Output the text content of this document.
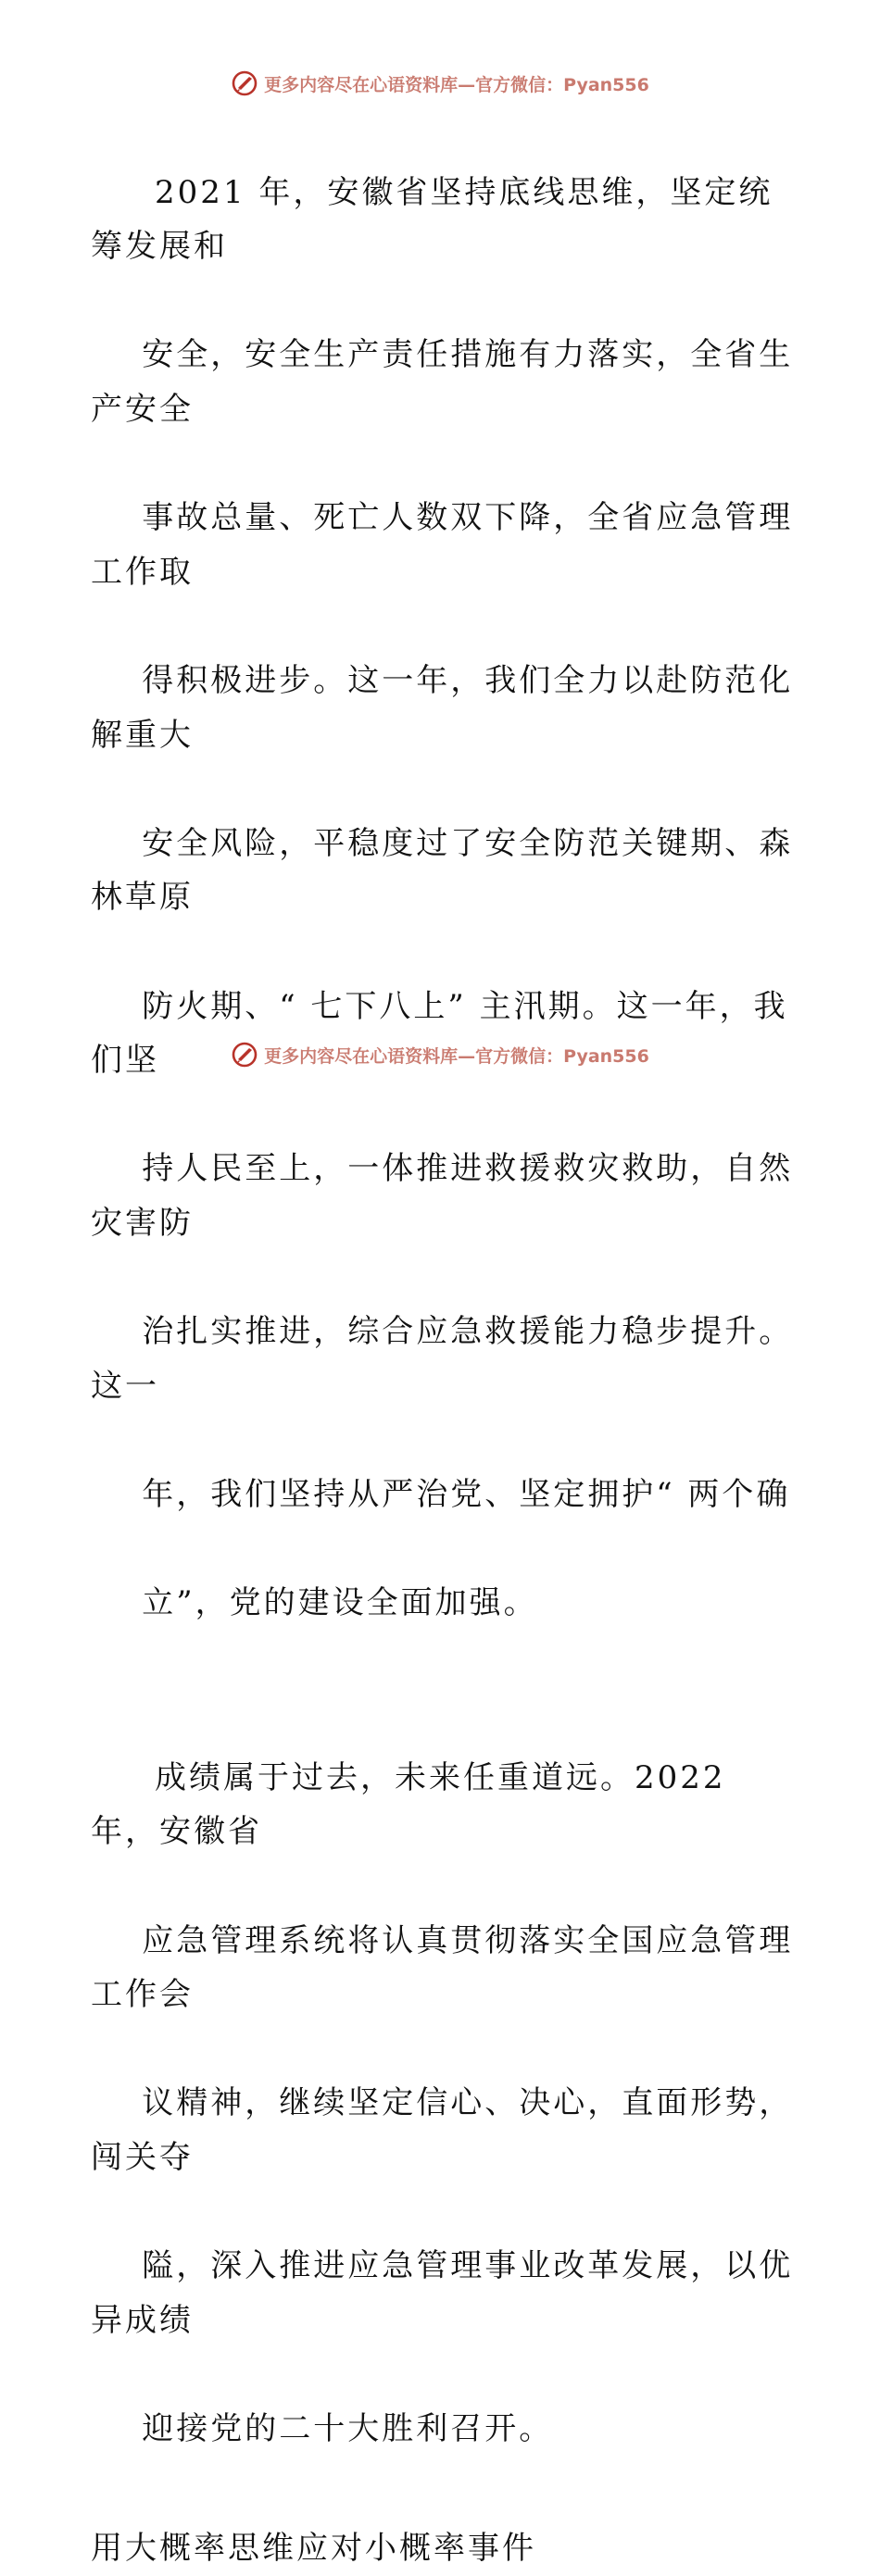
更多内容尽在心语资料库—官方微信：Pyan556

2021 年，安徽省坚持底线思维，坚定统筹发展和

安全，安全生产责任措施有力落实，全省生产安全

事故总量、死亡人数双下降，全省应急管理工作取

得积极进步。这一年，我们全力以赴防范化解重大

安全风险，平稳度过了安全防范关键期、森林草原

防火期、“ 七下八上” 主汛期。这一年，我们坚

持人民至上，一体推进救援救灾救助，自然灾害防

治扎实推进，综合应急救援能力稳步提升。这一

年，我们坚持从严治党、坚定拥护“ 两个确

立”，党的建设全面加强。

成绩属于过去，未来任重道远。2022 年，安徽省

应急管理系统将认真贯彻落实全国应急管理工作会

议精神，继续坚定信心、决心，直面形势，闯关夺

隘，深入推进应急管理事业改革发展，以优异成绩

迎接党的二十大胜利召开。

用大概率思维应对小概率事件

更多内容尽在心语资料库—官方微信：Pyan556
